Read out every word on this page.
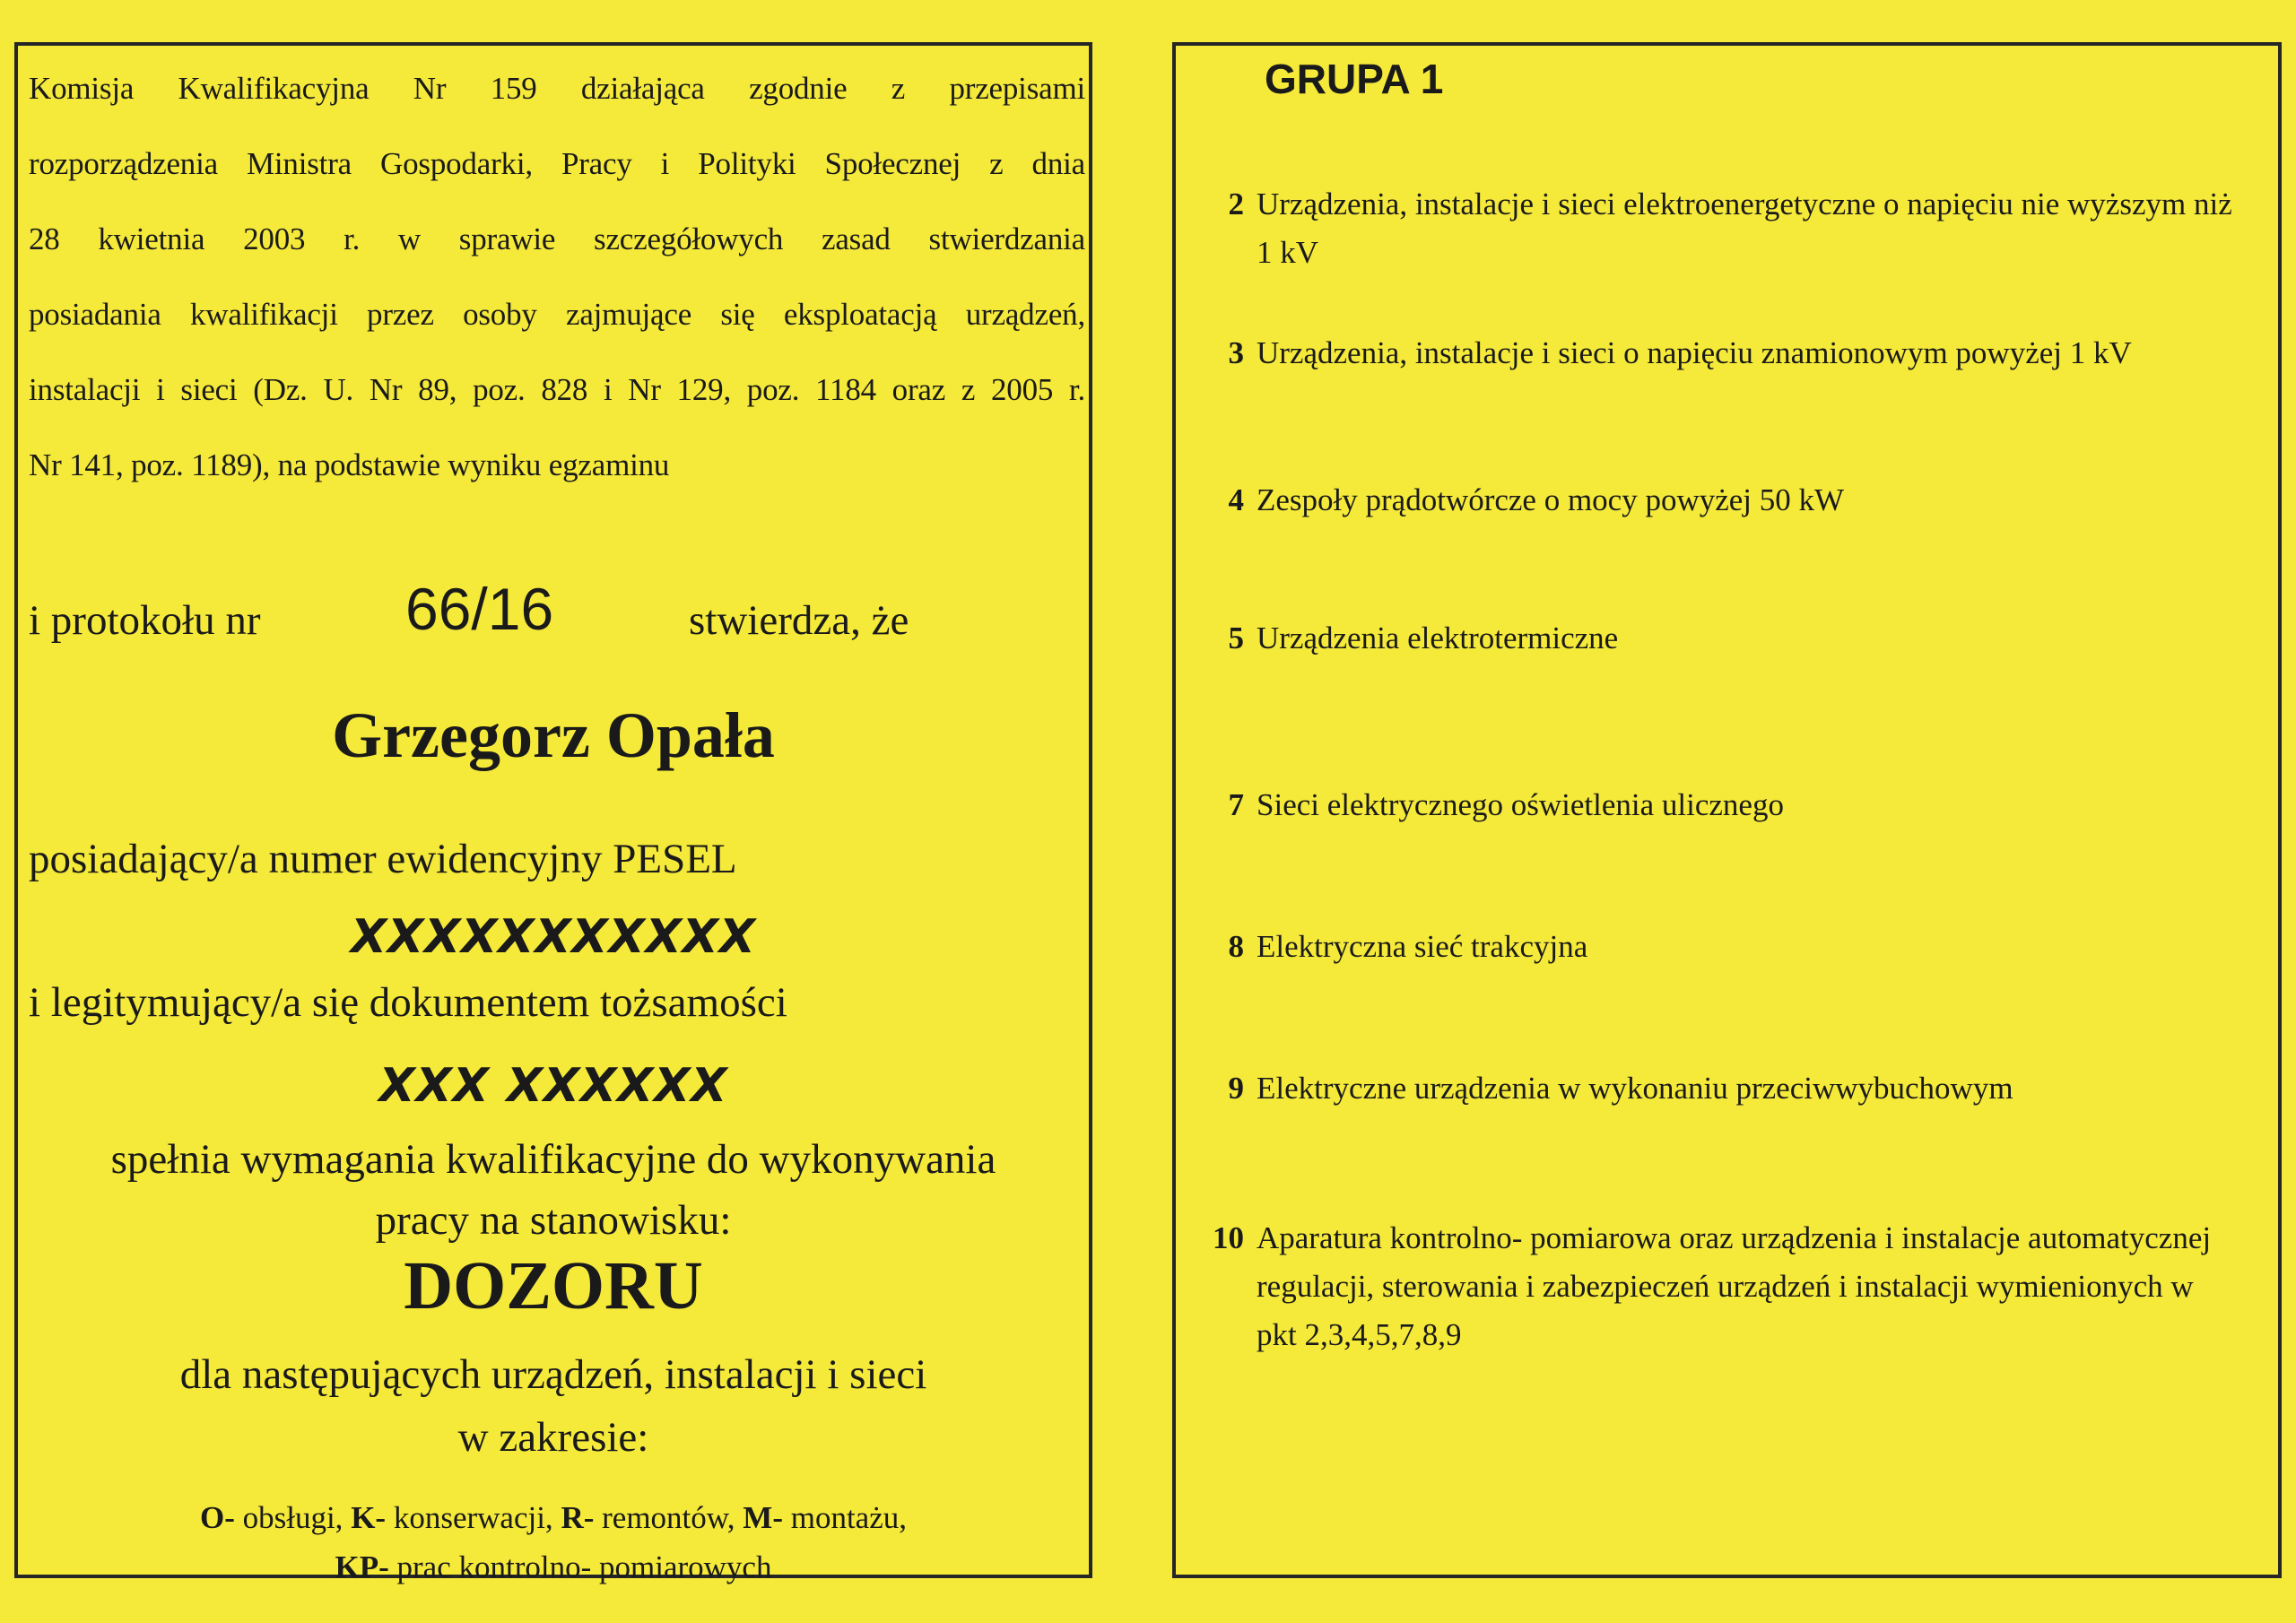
Komisja Kwalifikacyjna Nr 159 działająca zgodnie z przepisami
rozporządzenia Ministra Gospodarki, Pracy i Polityki Społecznej z dnia
28 kwietnia 2003 r. w sprawie szczegółowych zasad stwierdzania
posiadania kwalifikacji przez osoby zajmujące się eksploatacją urządzeń,
instalacji i sieci (Dz. U. Nr 89, poz. 828 i Nr 129, poz. 1184 oraz z 2005 r.
Nr 141, poz. 1189), na podstawie wyniku egzaminu
i protokołu nr 66/16	stwierdza, że
Grzegorz Opała
posiadający/a numer ewidencyjny PESEL
XXXXXXXXXXX
i legitymujący/a się dokumentem tożsamości
XXX XXXXXX
spełnia wymagania kwalifikacyjne do wykonywania
pracy na stanowisku:
DOZORU
dla następujących urządzeń, instalacji i sieci
w zakresie:
O- obsługi, K- konserwacji, R- remontów, M- montażu,
KP- prac kontrolno- pomiarowych
GRUPA 1
2 Urządzenia, instalacje i sieci elektroenergetyczne o napięciu nie wyższym niż 1 kV
3 Urządzenia, instalacje i sieci o napięciu znamionowym powyżej 1 kV
4 Zespoły prądotwórcze o mocy powyżej 50 kW
5 Urządzenia elektrotermiczne
7 Sieci elektrycznego oświetlenia ulicznego
8 Elektryczna sieć trakcyjna
9 Elektryczne urządzenia w wykonaniu przeciwwybuchowym
10 Aparatura kontrolno- pomiarowa oraz urządzenia i instalacje automatycznej regulacji, sterowania i zabezpieczeń urządzeń i instalacji wymienionych w pkt 2,3,4,5,7,8,9
